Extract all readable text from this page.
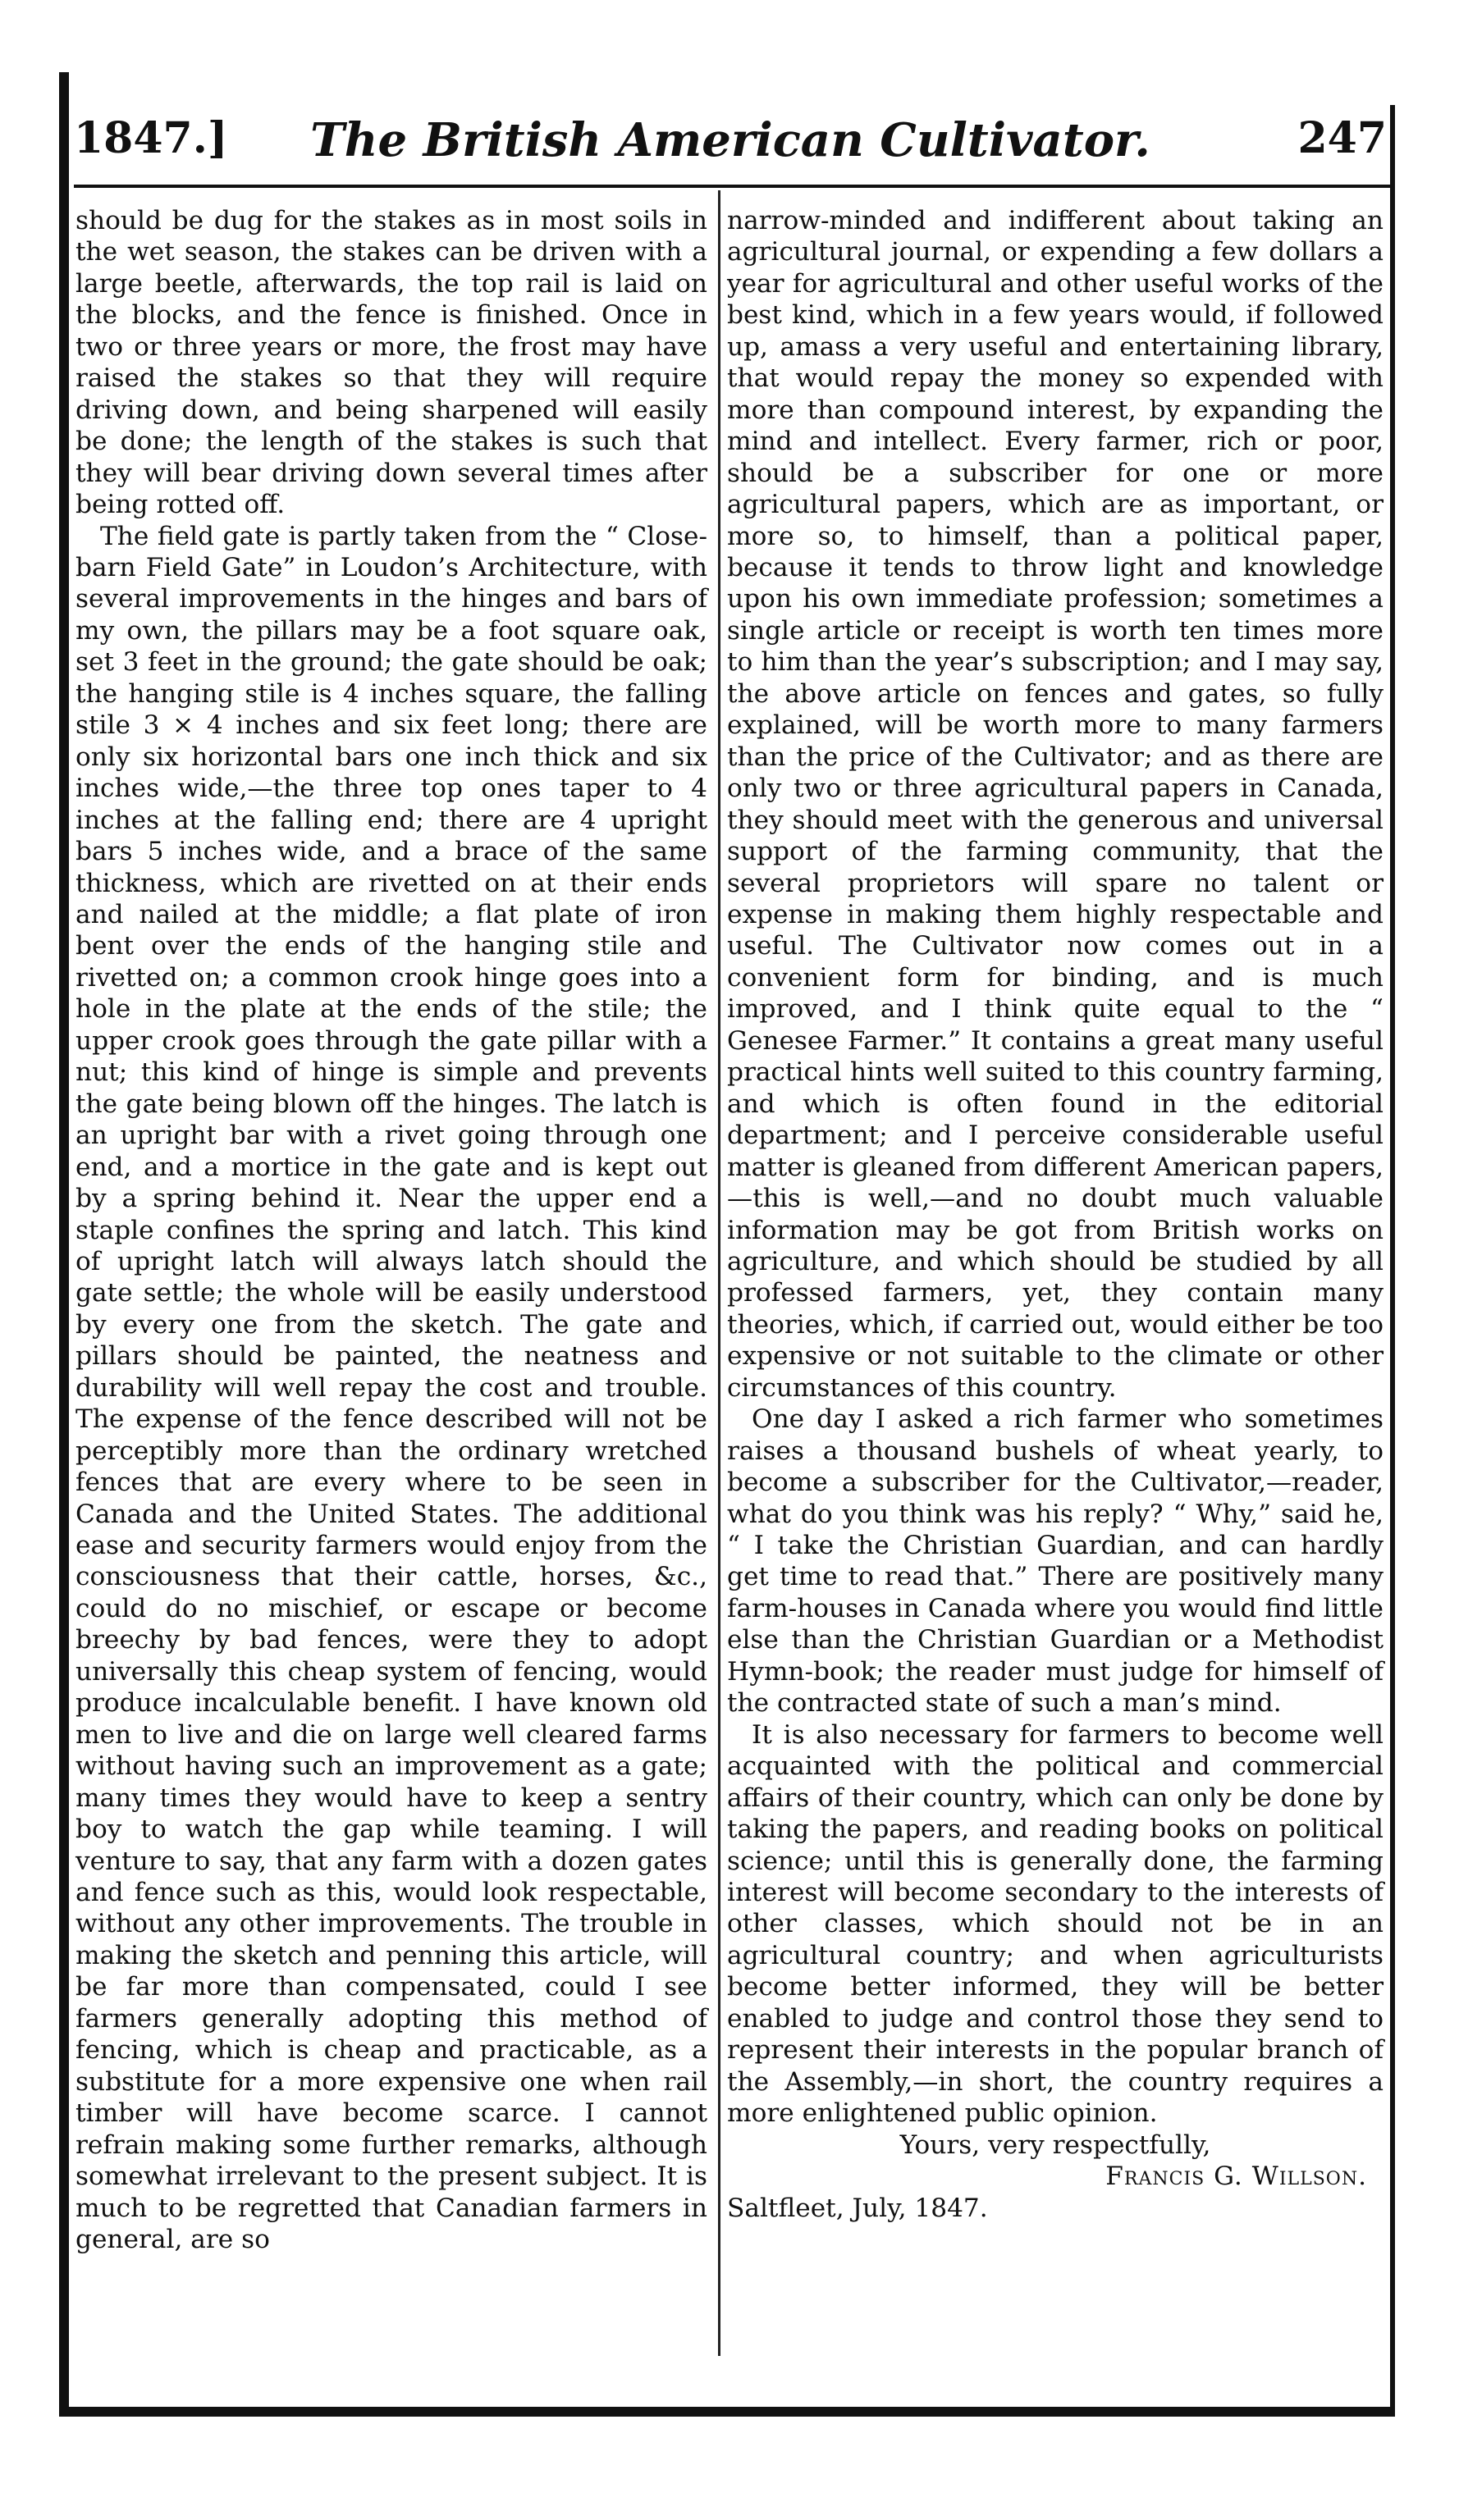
1847.]	The British American Cultivator.	247

should be dug for the stakes as in most soils in the wet season, the stakes can be driven with a large beetle, afterwards, the top rail is laid on the blocks, and the fence is finished. Once in two or three years or more, the frost may have raised the stakes so that they will require driving down, and being sharpened will easily be done; the length of the stakes is such that they will bear driving down several times after being rotted off.

The field gate is partly taken from the “ Close-barn Field Gate” in Loudon’s Architecture, with several improvements in the hinges and bars of my own, the pillars may be a foot square oak, set 3 feet in the ground; the gate should be oak; the hanging stile is 4 inches square, the falling stile 3 × 4 inches and six feet long; there are only six horizontal bars one inch thick and six inches wide,—the three top ones taper to 4 inches at the falling end; there are 4 upright bars 5 inches wide, and a brace of the same thickness, which are rivetted on at their ends and nailed at the middle; a flat plate of iron bent over the ends of the hanging stile and rivetted on; a common crook hinge goes into a hole in the plate at the ends of the stile; the upper crook goes through the gate pillar with a nut; this kind of hinge is simple and prevents the gate being blown off the hinges. The latch is an upright bar with a rivet going through one end, and a mortice in the gate and is kept out by a spring behind it. Near the upper end a staple confines the spring and latch. This kind of upright latch will always latch should the gate settle; the whole will be easily understood by every one from the sketch. The gate and pillars should be painted, the neatness and durability will well repay the cost and trouble. The expense of the fence described will not be perceptibly more than the ordinary wretched fences that are every where to be seen in Canada and the United States. The additional ease and security farmers would enjoy from the consciousness that their cattle, horses, &c., could do no mischief, or escape or become breechy by bad fences, were they to adopt universally this cheap system of fencing, would produce incalculable benefit. I have known old men to live and die on large well cleared farms without having such an improvement as a gate; many times they would have to keep a sentry boy to watch the gap while teaming. I will venture to say, that any farm with a dozen gates and fence such as this, would look respectable, without any other improvements. The trouble in making the sketch and penning this article, will be far more than compensated, could I see farmers generally adopting this method of fencing, which is cheap and practicable, as a substitute for a more expensive one when rail timber will have become scarce. I cannot refrain making some further remarks, although somewhat irrelevant to the present subject. It is much to be regretted that Canadian farmers in general, are so

narrow-minded and indifferent about taking an agricultural journal, or expending a few dollars a year for agricultural and other useful works of the best kind, which in a few years would, if followed up, amass a very useful and entertaining library, that would repay the money so expended with more than compound interest, by expanding the mind and intellect. Every farmer, rich or poor, should be a subscriber for one or more agricultural papers, which are as important, or more so, to himself, than a political paper, because it tends to throw light and knowledge upon his own immediate profession; sometimes a single article or receipt is worth ten times more to him than the year’s subscription; and I may say, the above article on fences and gates, so fully explained, will be worth more to many farmers than the price of the Cultivator; and as there are only two or three agricultural papers in Canada, they should meet with the generous and universal support of the farming community, that the several proprietors will spare no talent or expense in making them highly respectable and useful. The Cultivator now comes out in a convenient form for binding, and is much improved, and I think quite equal to the “ Genesee Farmer.” It contains a great many useful practical hints well suited to this country farming, and which is often found in the editorial department; and I perceive considerable useful matter is gleaned from different American papers,—this is well,—and no doubt much valuable information may be got from British works on agriculture, and which should be studied by all professed farmers, yet, they contain many theories, which, if carried out, would either be too expensive or not suitable to the climate or other circumstances of this country.

One day I asked a rich farmer who sometimes raises a thousand bushels of wheat yearly, to become a subscriber for the Cultivator,—reader, what do you think was his reply? “ Why,” said he, “ I take the Christian Guardian, and can hardly get time to read that.” There are positively many farm-houses in Canada where you would find little else than the Christian Guardian or a Methodist Hymn-book; the reader must judge for himself of the contracted state of such a man’s mind.

It is also necessary for farmers to become well acquainted with the political and commercial affairs of their country, which can only be done by taking the papers, and reading books on political science; until this is generally done, the farming interest will become secondary to the interests of other classes, which should not be in an agricultural country; and when agriculturists become better informed, they will be better enabled to judge and control those they send to represent their interests in the popular branch of the Assembly,—in short, the country requires a more enlightened public opinion.

Yours, very respectfully,

Francis G. Willson.

Saltfleet, July, 1847.
